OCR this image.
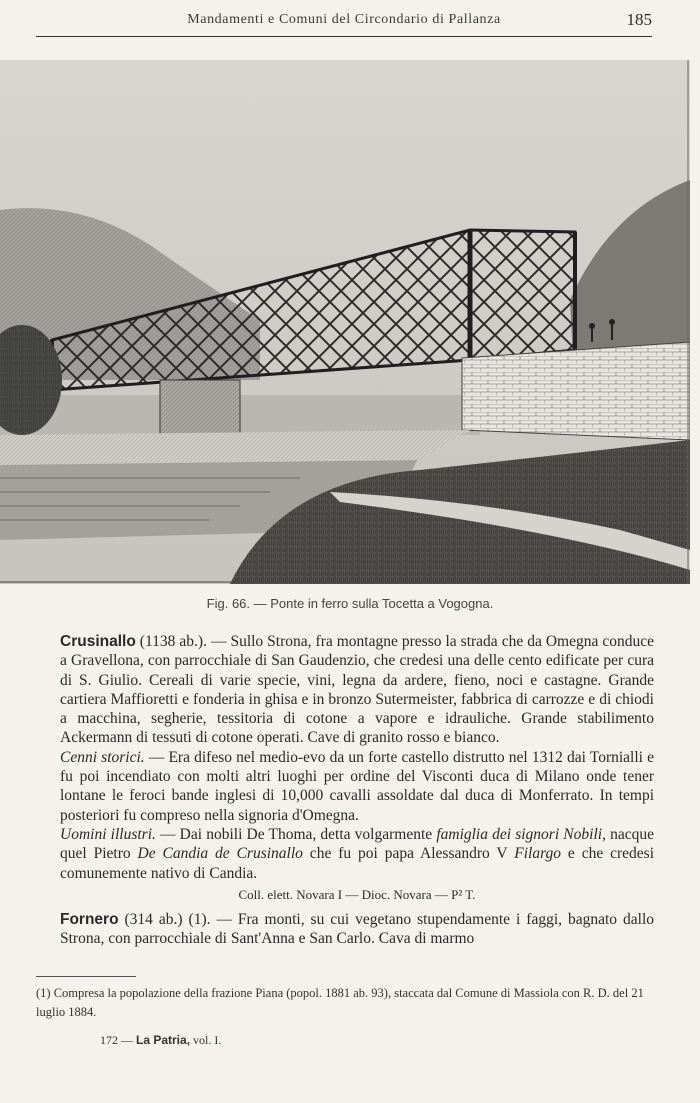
Mandamenti e Comuni del Circondario di Pallanza	185
Fig. 66. — Ponte in ferro sulla Tocetta a Vogogna.

Crusinallo (1138 ab.). — Sullo Strona, fra montagne presso la strada che da Omegna conduce a Gravellona, con parrocchiale di San Gaudenzio, che credesi una delle cento edificate per cura di S. Giulio. Cereali di varie specie, vini, legna da ardere, fieno, noci e castagne. Grande cartiera Maffioretti e fonderia in ghisa e in bronzo Sutermeister, fabbrica di carrozze e di chiodi a macchina, segherie, tessitoria di cotone a vapore e idrauliche. Grande stabilimento Ackermann di tessuti di cotone operati. Cave di granito rosso e bianco.

Cenni storici. — Era difeso nel medio-evo da un forte castello distrutto nel 1312 dai Tornialli e fu poi incendiato con molti altri luoghi per ordine del Visconti duca di Milano onde tener lontane le feroci bande inglesi di 10,000 cavalli assoldate dal duca di Monferrato. In tempi posteriori fu compreso nella signoria d'Omegna.

Uomini illustri. — Dai nobili De Thoma, detta volgarmente famiglia dei signori Nobili, nacque quel Pietro De Candia de Crusinallo che fu poi papa Alessandro V Filargo e che credesi comunemente nativo di Candia.

Coll. elett. Novara I — Dioc. Novara — P² T.

Fornero (314 ab.) (1). — Fra monti, su cui vegetano stupendamente i faggi, bagnato dallo Strona, con parrocchiale di Sant'Anna e San Carlo. Cava di marmo

(1) Compresa la popolazione della frazione Piana (popol. 1881 ab. 93), staccata dal Comune di Massiola con R. D. del 21 luglio 1884.
172 — La Patria, vol. I.
